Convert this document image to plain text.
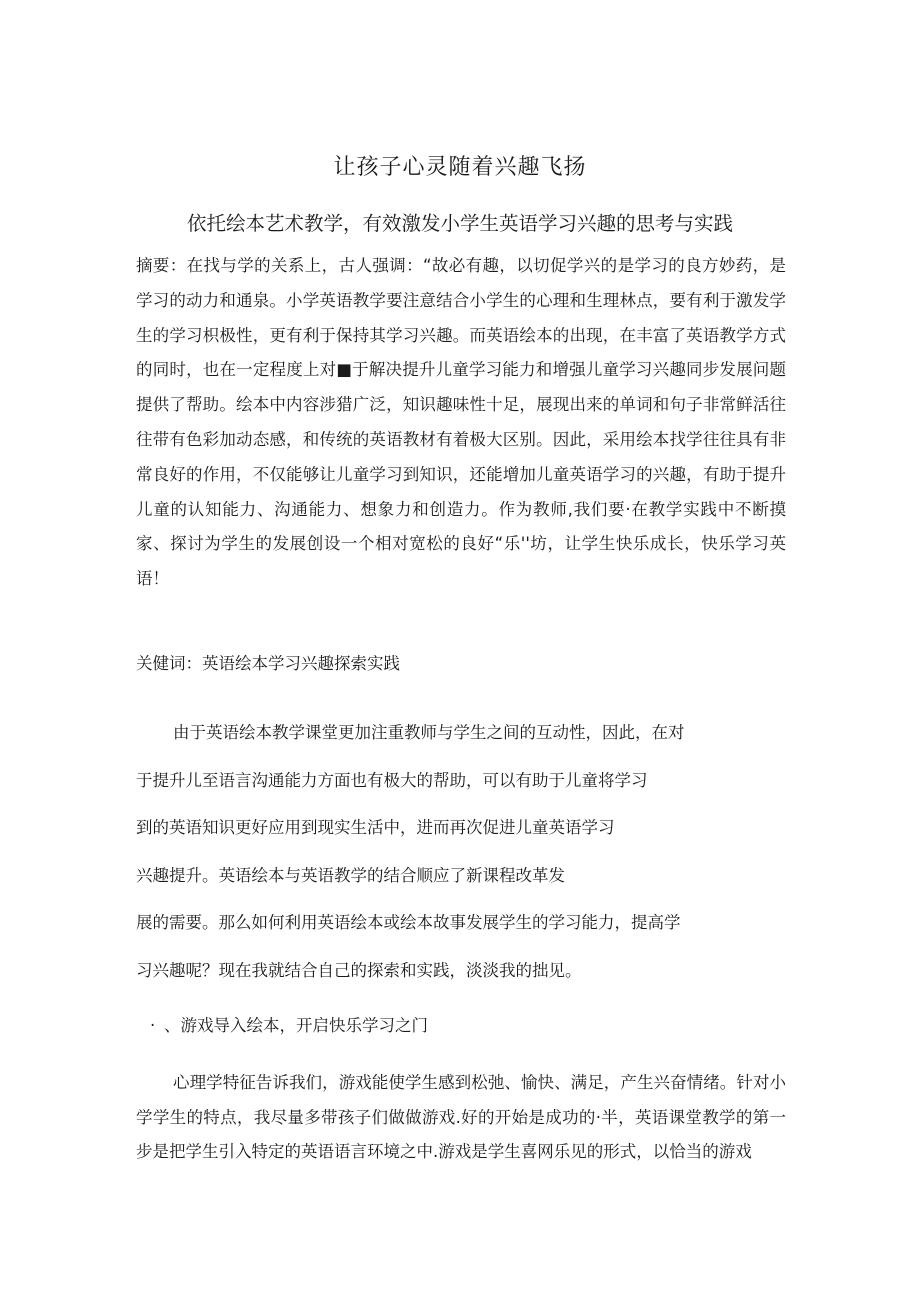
让孩子心灵随着兴趣飞扬
依托绘本艺术教学，有效激发小学生英语学习兴趣的思考与实践

摘要：在找与学的关系上，古人强调：“故必有趣，以切促学兴的是学习的良方妙药，是学习的动力和通泉。小学英语教学要注意结合小学生的心理和生理林点，要有利于激发学生的学习枳极性，更有利于保持其学习兴趣。而英语绘本的出现，在丰富了英语教学方式的同时，也在一定程度上对■于解决提升儿童学习能力和增强儿童学习兴趣同步发展问题提供了帮助。绘本中内容涉猎广泛，知识趣味性十足，展现出来的单词和句子非常鲜活往往带有色彩加动态感，和传统的英语教材有着极大区别。因此，采用绘本找学往往具有非常良好的作用，不仅能够让儿童学习到知识，还能增加儿童英语学习的兴趣，有助于提升儿童的认知能力、沟通能力、想象力和创造力。作为教师,我们要·在教学实践中不断摸家、探讨为学生的发展创设一个相对宽松的良好“乐''坊，让学生快乐成长，快乐学习英语！

关健词：英语绘本学习兴趣探索实践

由于英语绘本教学课堂更加注重教师与学生之间的互动性，因此，在对
于提升儿至语言沟通能力方面也有极大的帮助，可以有助于儿童将学习
到的英语知识更好应用到现实生活中，进而再次促进儿童英语学习
兴趣提升。英语绘本与英语教学的结合顺应了新课程改革发
展的需要。那么如何利用英语绘本或绘本故事发展学生的学习能力，提高学
习兴趣呢？现在我就结合自己的探索和实践，淡淡我的拙见。

· 、游戏导入绘本，开启快乐学习之门

心理学特征告诉我们，游戏能使学生感到松弛、愉快、满足，产生兴奋情绪。针对小学学生的特点，我尽量多带孩子们做做游戏.好的开始是成功的·半，英语课堂教学的第一步是把学生引入特定的英语语言环境之中.游戏是学生喜网乐见的形式，以恰当的游戏
